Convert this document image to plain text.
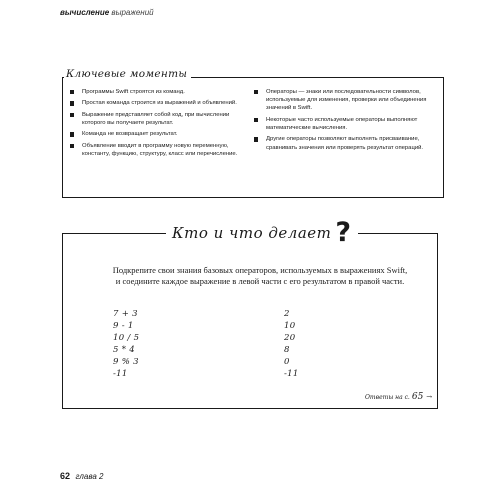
вычисление выражений
Ключевые моменты
Программы Swift строятся из команд.
Простая команда строится из выражений и объявлений.
Выражение представляет собой код, при вычислении которого вы получаете результат.
Команда не возвращает результат.
Объявление вводит в программу новую переменную, константу, функцию, структуру, класс или перечисление.
Операторы — знаки или последовательности символов, используемые для изменения, проверки или объединения значений в Swift.
Некоторые часто используемые операторы выполняют математические вычисления.
Другие операторы позволяют выполнять присваивание, сравнивать значения или проверять результат операций.
Кто и что делает ?
Подкрепите свои знания базовых операторов, используемых в выражениях Swift, и соедините каждое выражение в левой части с его результатом в правой части.
7 + 3
9 - 1
10 / 5
5 * 4
9 % 3
-11
2
10
20
8
0
-11
Ответы на с. 65 →
62 глава 2
